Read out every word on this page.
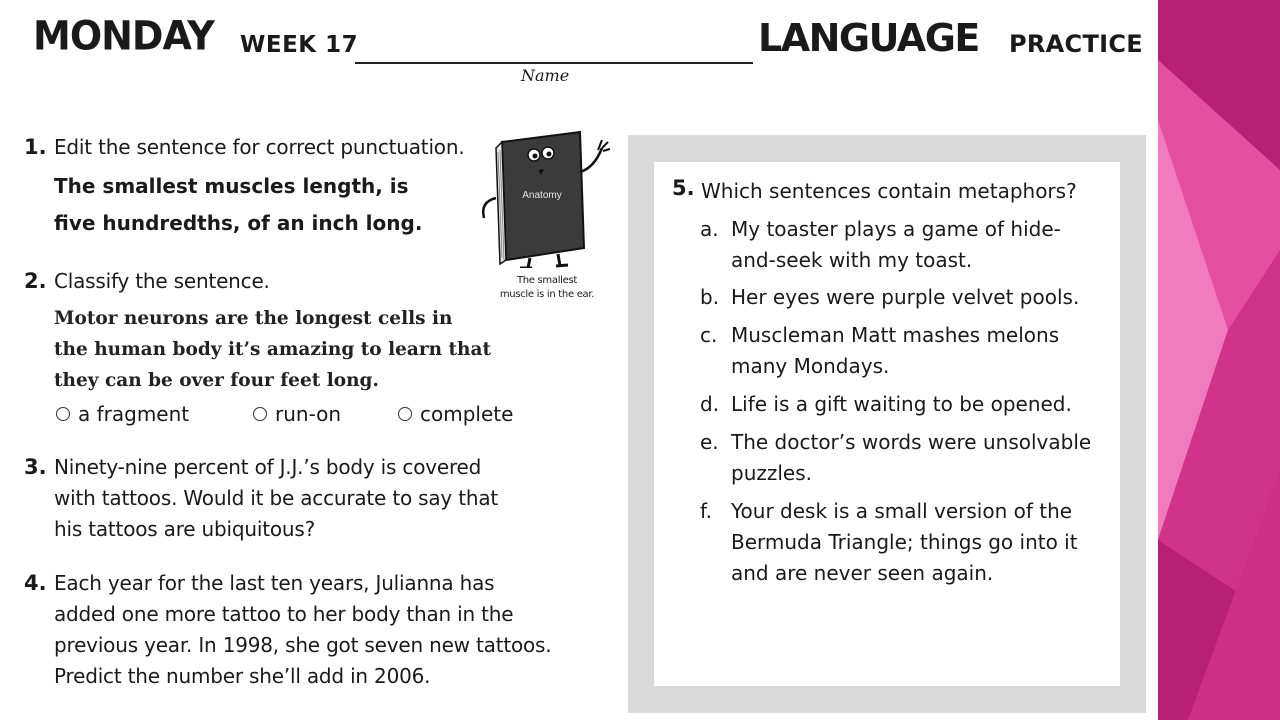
MONDAY WEEK 17
Name
LANGUAGE PRACTICE
1. Edit the sentence for correct punctuation.
The smallest muscles length, is
five hundredths, of an inch long.
Anatomy
The smallest
muscle is in the ear.
2. Classify the sentence.
Motor neurons are the longest cells in
the human body it’s amazing to learn that
they can be over four feet long.
a fragment	run-on	complete
3. Ninety-nine percent of J.J.’s body is covered
with tattoos. Would it be accurate to say that
his tattoos are ubiquitous?
4. Each year for the last ten years, Julianna has
added one more tattoo to her body than in the
previous year. In 1998, she got seven new tattoos.
Predict the number she’ll add in 2006.
5. Which sentences contain metaphors?
a. My toaster plays a game of hide-
and-seek with my toast.
b. Her eyes were purple velvet pools.
c. Muscleman Matt mashes melons
many Mondays.
d. Life is a gift waiting to be opened.
e. The doctor’s words were unsolvable
puzzles.
f. Your desk is a small version of the
Bermuda Triangle; things go into it
and are never seen again.
